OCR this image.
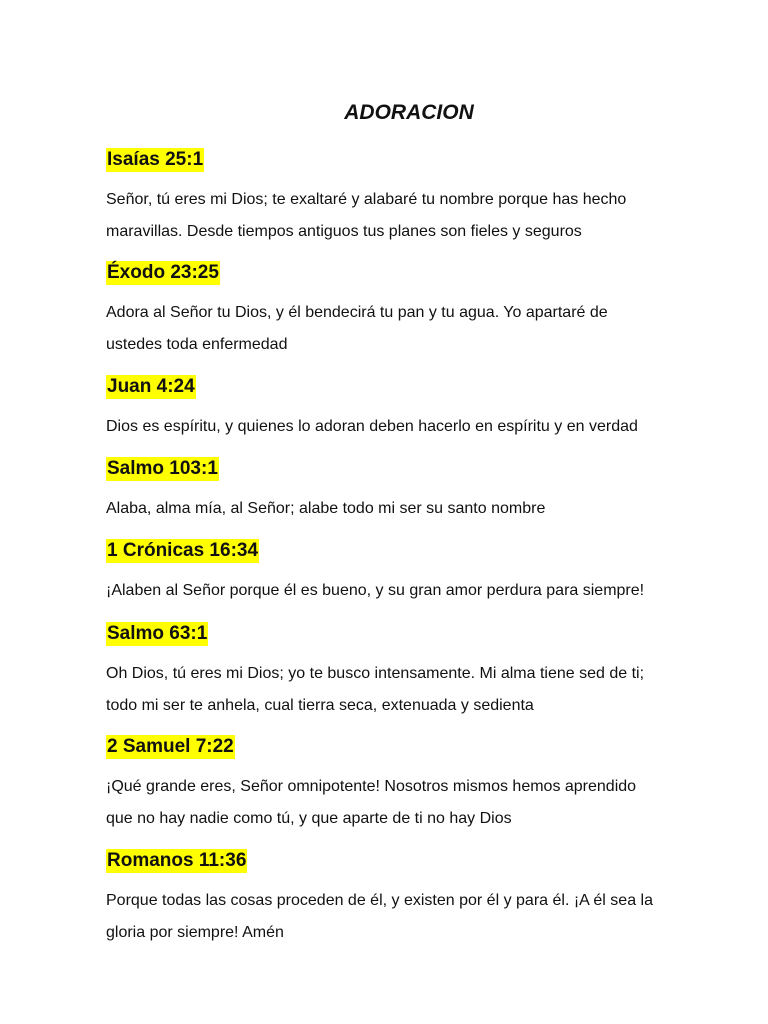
ADORACION
Isaías 25:1

Señor, tú eres mi Dios; te exaltaré y alabaré tu nombre porque has hecho

maravillas. Desde tiempos antiguos tus planes son fieles y seguros

Éxodo 23:25

Adora al Señor tu Dios, y él bendecirá tu pan y tu agua. Yo apartaré de

ustedes toda enfermedad

Juan 4:24

Dios es espíritu, y quienes lo adoran deben hacerlo en espíritu y en verdad

Salmo 103:1

Alaba, alma mía, al Señor; alabe todo mi ser su santo nombre

1 Crónicas 16:34

¡Alaben al Señor porque él es bueno, y su gran amor perdura para siempre!

Salmo 63:1

Oh Dios, tú eres mi Dios; yo te busco intensamente. Mi alma tiene sed de ti;

todo mi ser te anhela, cual tierra seca, extenuada y sedienta

2 Samuel 7:22

¡Qué grande eres, Señor omnipotente! Nosotros mismos hemos aprendido

que no hay nadie como tú, y que aparte de ti no hay Dios

Romanos 11:36

Porque todas las cosas proceden de él, y existen por él y para él. ¡A él sea la

gloria por siempre! Amén
